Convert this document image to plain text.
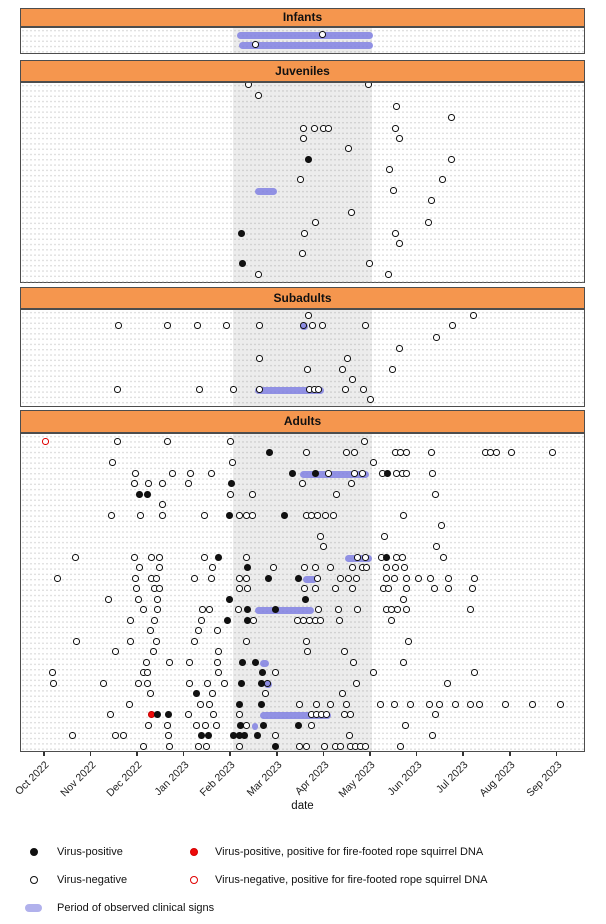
Infants
Juveniles
Subadults
Adults
Oct 2022 Nov 2022 Dec 2022 Jan 2023 Feb 2023 Mar 2023 Apr 2023 May 2023 Jun 2023 Jul 2023 Aug 2023 Sep 2023
date
Virus-positive
Virus-negative
Period of observed clinical signs
Virus-positive, positive for fire-footed rope squirrel DNA
Virus-negative, positive for fire-footed rope squirrel DNA
